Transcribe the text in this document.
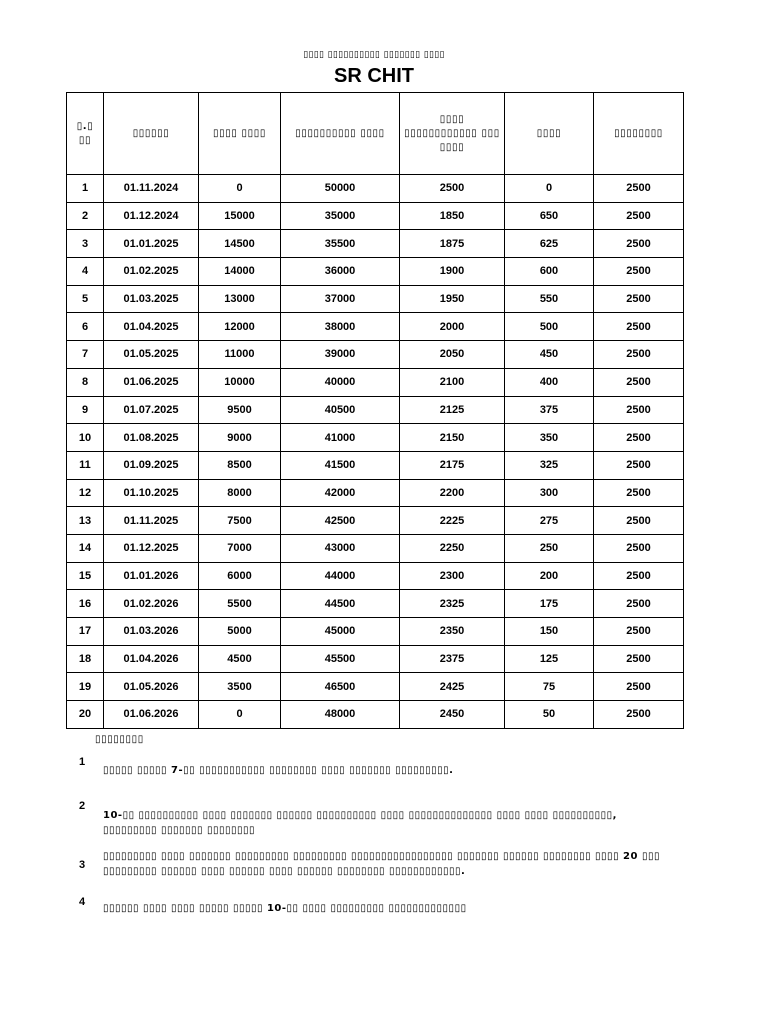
▯▯▯▯ ▯▯▯▯▯▯▯▯▯▯ ▯▯▯▯▯▯▯ ▯▯▯▯
SR CHIT
▯.▯ ▯▯	▯▯▯▯▯▯	▯▯▯▯ ▯▯▯▯	▯▯▯▯▯▯▯▯▯▯ ▯▯▯▯	▯▯▯▯ ▯▯▯▯▯▯▯▯▯▯▯▯ ▯▯▯ ▯▯▯▯	▯▯▯▯	▯▯▯▯▯▯▯▯
1	01.11.2024	0	50000	2500	0	2500
2	01.12.2024	15000	35000	1850	650	2500
3	01.01.2025	14500	35500	1875	625	2500
4	01.02.2025	14000	36000	1900	600	2500
5	01.03.2025	13000	37000	1950	550	2500
6	01.04.2025	12000	38000	2000	500	2500
7	01.05.2025	11000	39000	2050	450	2500
8	01.06.2025	10000	40000	2100	400	2500
9	01.07.2025	9500	40500	2125	375	2500
10	01.08.2025	9000	41000	2150	350	2500
11	01.09.2025	8500	41500	2175	325	2500
12	01.10.2025	8000	42000	2200	300	2500
13	01.11.2025	7500	42500	2225	275	2500
14	01.12.2025	7000	43000	2250	250	2500
15	01.01.2026	6000	44000	2300	200	2500
16	01.02.2026	5500	44500	2325	175	2500
17	01.03.2026	5000	45000	2350	150	2500
18	01.04.2026	4500	45500	2375	125	2500
19	01.05.2026	3500	46500	2425	75	2500
20	01.06.2026	0	48000	2450	50	2500
▯▯▯▯▯▯▯▯
1
▯▯▯▯▯ ▯▯▯▯▯ 7-▯▯ ▯▯▯▯▯▯▯▯▯▯▯ ▯▯▯▯▯▯▯▯ ▯▯▯▯ ▯▯▯▯▯▯▯ ▯▯▯▯▯▯▯▯▯.
2
10-▯▯ ▯▯▯▯▯▯▯▯▯▯ ▯▯▯▯ ▯▯▯▯▯▯▯ ▯▯▯▯▯▯ ▯▯▯▯▯▯▯▯▯▯ ▯▯▯▯ ▯▯▯▯▯▯▯▯▯▯▯▯▯▯ ▯▯▯▯ ▯▯▯▯ ▯▯▯▯▯▯▯▯▯▯, ▯▯▯▯▯▯▯▯▯ ▯▯▯▯▯▯▯ ▯▯▯▯▯▯▯▯
3
▯▯▯▯▯▯▯▯▯ ▯▯▯▯ ▯▯▯▯▯▯▯ ▯▯▯▯▯▯▯▯▯ ▯▯▯▯▯▯▯▯▯ ▯▯▯▯▯▯▯▯▯▯▯▯▯▯▯▯▯ ▯▯▯▯▯▯▯ ▯▯▯▯▯▯ ▯▯▯▯▯▯▯▯ ▯▯▯▯ 20 ▯▯▯ ▯▯▯▯▯▯▯▯▯ ▯▯▯▯▯▯ ▯▯▯▯ ▯▯▯▯▯▯ ▯▯▯▯ ▯▯▯▯▯▯ ▯▯▯▯▯▯▯▯ ▯▯▯▯▯▯▯▯▯▯▯▯.
4
▯▯▯▯▯▯ ▯▯▯▯ ▯▯▯▯ ▯▯▯▯▯ ▯▯▯▯▯ 10-▯▯ ▯▯▯▯ ▯▯▯▯▯▯▯▯▯ ▯▯▯▯▯▯▯▯▯▯▯▯▯
